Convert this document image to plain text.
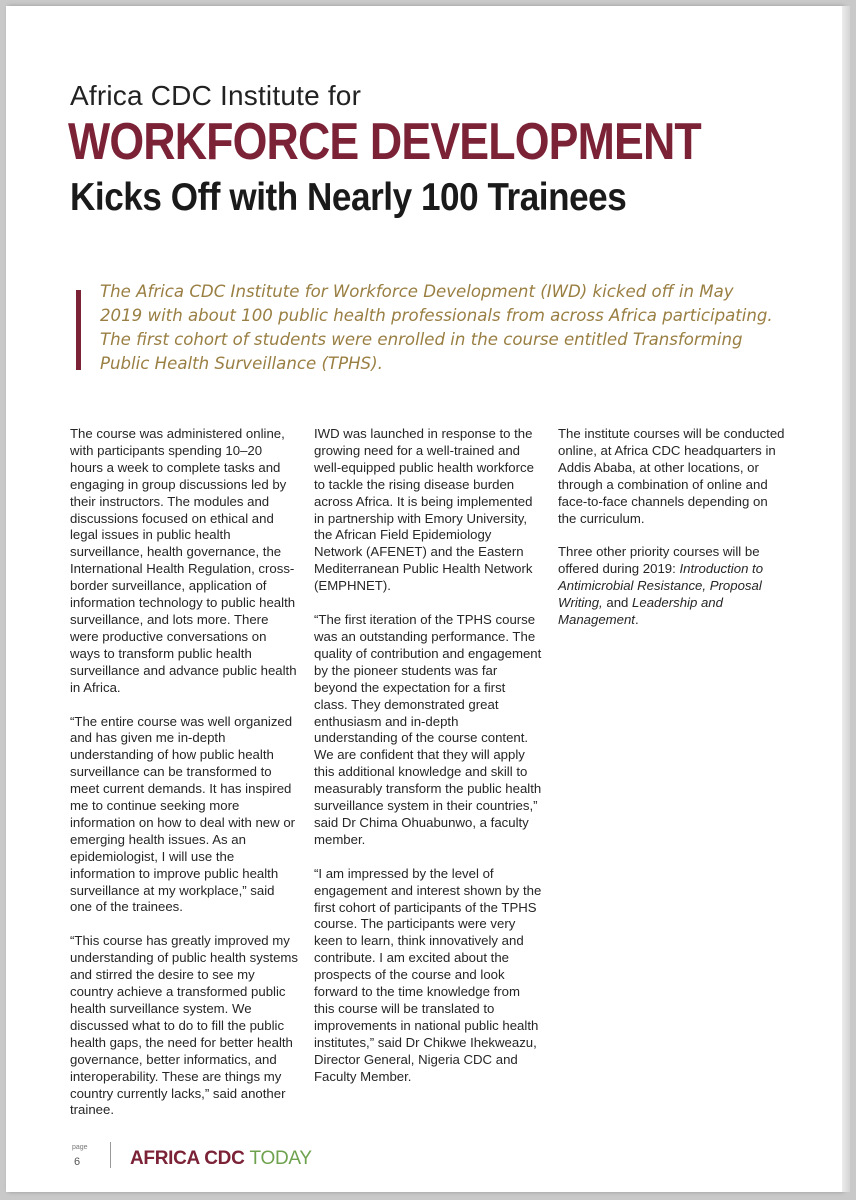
Africa CDC Institute for
WORKFORCE DEVELOPMENT
Kicks Off with Nearly 100 Trainees
The Africa CDC Institute for Workforce Development (IWD) kicked off in May 2019 with about 100 public health professionals from across Africa participating. The first cohort of students were enrolled in the course entitled Transforming Public Health Surveillance (TPHS).

The course was administered online, with participants spending 10–20 hours a week to complete tasks and engaging in group discussions led by their instructors. The modules and discussions focused on ethical and legal issues in public health surveillance, health governance, the International Health Regulation, cross-border surveillance, application of information technology to public health surveillance, and lots more. There were productive conversations on ways to transform public health surveillance and advance public health in Africa.

“The entire course was well organized and has given me in-depth understanding of how public health surveillance can be transformed to meet current demands. It has inspired me to continue seeking more information on how to deal with new or emerging health issues. As an epidemiologist, I will use the information to improve public health surveillance at my workplace,” said one of the trainees.

“This course has greatly improved my understanding of public health systems and stirred the desire to see my country achieve a transformed public health surveillance system. We discussed what to do to fill the public health gaps, the need for better health governance, better informatics, and interoperability. These are things my country currently lacks,” said another trainee.

IWD was launched in response to the growing need for a well-trained and well-equipped public health workforce to tackle the rising disease burden across Africa. It is being implemented in partnership with Emory University, the African Field Epidemiology Network (AFENET) and the Eastern Mediterranean Public Health Network (EMPHNET).

“The first iteration of the TPHS course was an outstanding performance. The quality of contribution and engagement by the pioneer students was far beyond the expectation for a first class. They demonstrated great enthusiasm and in-depth understanding of the course content. We are confident that they will apply this additional knowledge and skill to measurably transform the public health surveillance system in their countries,” said Dr Chima Ohuabunwo, a faculty member.

“I am impressed by the level of engagement and interest shown by the first cohort of participants of the TPHS course. The participants were very keen to learn, think innovatively and contribute. I am excited about the prospects of the course and look forward to the time knowledge from this course will be translated to improvements in national public health institutes,” said Dr Chikwe Ihekweazu, Director General, Nigeria CDC and Faculty Member.

The institute courses will be conducted online, at Africa CDC headquarters in Addis Ababa, at other locations, or through a combination of online and face-to-face channels depending on the curriculum.

Three other priority courses will be offered during 2019: Introduction to Antimicrobial Resistance, Proposal Writing, and Leadership and Management.

page
6	AFRICA CDC TODAY
